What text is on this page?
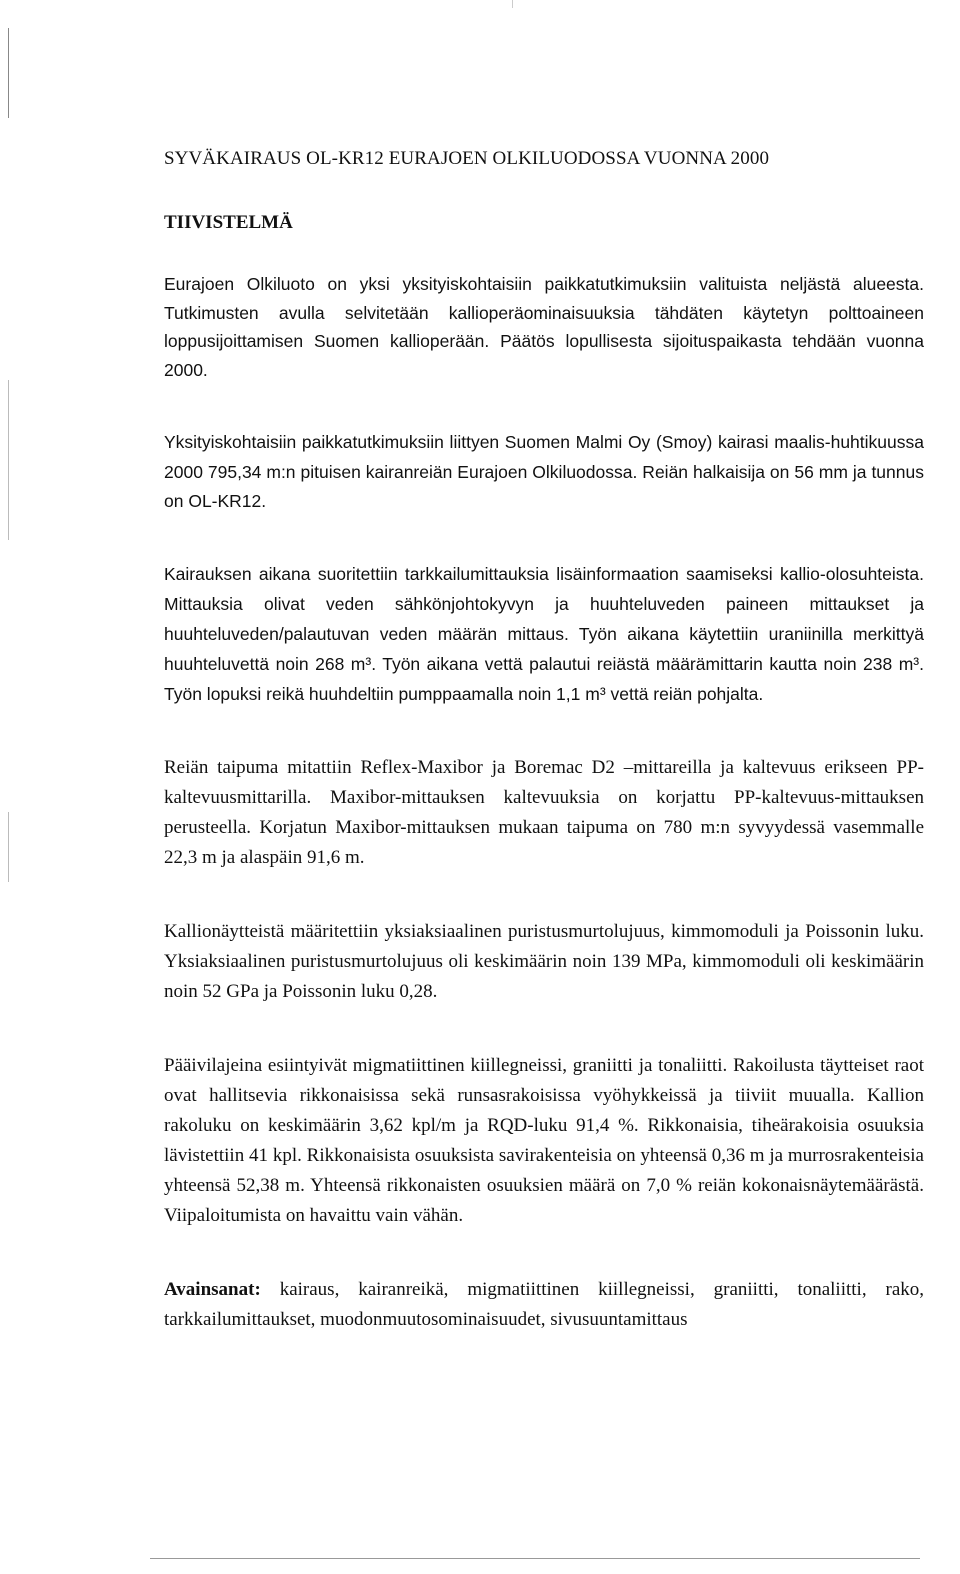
SYVÄKAIRAUS OL-KR12 EURAJOEN OLKILUODOSSA VUONNA 2000
TIIVISTELMÄ

Eurajoen Olkiluoto on yksi yksityiskohtaisiin paikkatutkimuksiin valituista neljästä alueesta. Tutkimusten avulla selvitetään kallioperäominaisuuksia tähdäten käytetyn polttoaineen loppusijoittamisen Suomen kallioperään. Päätös lopullisesta sijoituspaikasta tehdään vuonna 2000.

Yksityiskohtaisiin paikkatutkimuksiin liittyen Suomen Malmi Oy (Smoy) kairasi maalis-huhtikuussa 2000 795,34 m:n pituisen kairanreiän Eurajoen Olkiluodossa. Reiän halkaisija on 56 mm ja tunnus on OL-KR12.

Kairauksen aikana suoritettiin tarkkailumittauksia lisäinformaation saamiseksi kallio-olosuhteista. Mittauksia olivat veden sähkönjohtokyvyn ja huuhteluveden paineen mittaukset ja huuhteluveden/palautuvan veden määrän mittaus. Työn aikana käytettiin uraniinilla merkittyä huuhteluvettä noin 268 m³. Työn aikana vettä palautui reiästä määrämittarin kautta noin 238 m³. Työn lopuksi reikä huuhdeltiin pumppaamalla noin 1,1 m³ vettä reiän pohjalta.

Reiän taipuma mitattiin Reflex-Maxibor ja Boremac D2 –mittareilla ja kaltevuus erikseen PP-kaltevuusmittarilla. Maxibor-mittauksen kaltevuuksia on korjattu PP-kaltevuus-mittauksen perusteella. Korjatun Maxibor-mittauksen mukaan taipuma on 780 m:n syvyydessä vasemmalle 22,3 m ja alaspäin 91,6 m.

Kallionäytteistä määritettiin yksiaksiaalinen puristusmurtolujuus, kimmomoduli ja Poissonin luku. Yksiaksiaalinen puristusmurtolujuus oli keskimäärin noin 139 MPa, kimmomoduli oli keskimäärin noin 52 GPa ja Poissonin luku 0,28.

Pääivilajeina esiintyivät migmatiittinen kiillegneissi, graniitti ja tonaliitti. Rakoilusta täytteiset raot ovat hallitsevia rikkonaisissa sekä runsasrakoisissa vyöhykkeissä ja tiiviit muualla. Kallion rakoluku on keskimäärin 3,62 kpl/m ja RQD-luku 91,4 %. Rikkonaisia, tiheärakoisia osuuksia lävistettiin 41 kpl. Rikkonaisista osuuksista savirakenteisia on yhteensä 0,36 m ja murrosrakenteisia yhteensä 52,38 m. Yhteensä rikkonaisten osuuksien määrä on 7,0 % reiän kokonaisnäytemäärästä. Viipaloitumista on havaittu vain vähän.

Avainsanat: kairaus, kairanreikä, migmatiittinen kiillegneissi, graniitti, tonaliitti, rako, tarkkailumittaukset, muodonmuutosominaisuudet, sivusuuntamittaus
